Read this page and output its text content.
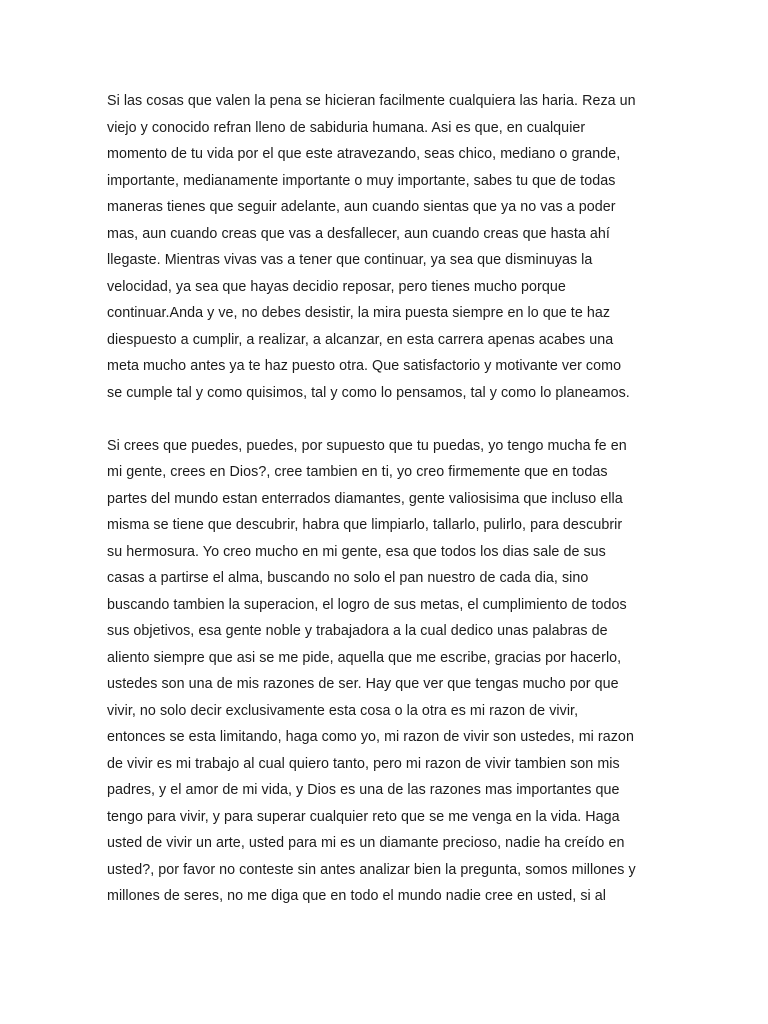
Si las cosas que valen la pena se hicieran facilmente cualquiera las haria. Reza un
viejo y conocido refran lleno de sabiduria humana. Asi es que, en cualquier
momento de tu vida por el que este atravezando, seas chico, mediano o grande,
importante, medianamente importante o muy importante, sabes tu que de todas
maneras tienes que seguir adelante, aun cuando sientas que ya no vas a poder
mas, aun cuando creas que vas a desfallecer, aun cuando creas que hasta ahí
llegaste. Mientras vivas vas a tener que continuar, ya sea que disminuyas la
velocidad, ya sea que hayas decidio reposar, pero tienes mucho porque
continuar.Anda y ve, no debes desistir, la mira puesta siempre en lo que te haz
diespuesto a cumplir, a realizar, a alcanzar, en esta carrera apenas acabes una
meta mucho antes ya te haz puesto otra. Que satisfactorio y motivante ver como
se cumple tal y como quisimos, tal y como lo pensamos, tal y como lo planeamos.
Si crees que puedes, puedes, por supuesto que tu puedas, yo tengo mucha fe en
mi gente, crees en Dios?, cree tambien en ti, yo creo firmemente que en todas
partes del mundo estan enterrados diamantes, gente valiosisima que incluso ella
misma se tiene que descubrir, habra que limpiarlo, tallarlo, pulirlo, para descubrir
su hermosura. Yo creo mucho en mi gente, esa que todos los dias sale de sus
casas a partirse el alma, buscando no solo el pan nuestro de cada dia, sino
buscando tambien la superacion, el logro de sus metas, el cumplimiento de todos
sus objetivos, esa gente noble y trabajadora a la cual dedico unas palabras de
aliento siempre que asi se me pide, aquella que me escribe, gracias por hacerlo,
ustedes son una de mis razones de ser. Hay que ver que tengas mucho por que
vivir, no solo decir exclusivamente esta cosa o la otra es mi razon de vivir,
entonces se esta limitando, haga como yo, mi razon de vivir son ustedes, mi razon
de vivir es mi trabajo al cual quiero tanto, pero mi razon de vivir tambien son mis
padres, y el amor de mi vida, y Dios es una de las razones mas importantes que
tengo para vivir, y para superar cualquier reto que se me venga en la vida. Haga
usted de vivir un arte, usted para mi es un diamante precioso, nadie ha creído en
usted?, por favor no conteste sin antes analizar bien la pregunta, somos millones y
millones de seres, no me diga que en todo el mundo nadie cree en usted, si al
